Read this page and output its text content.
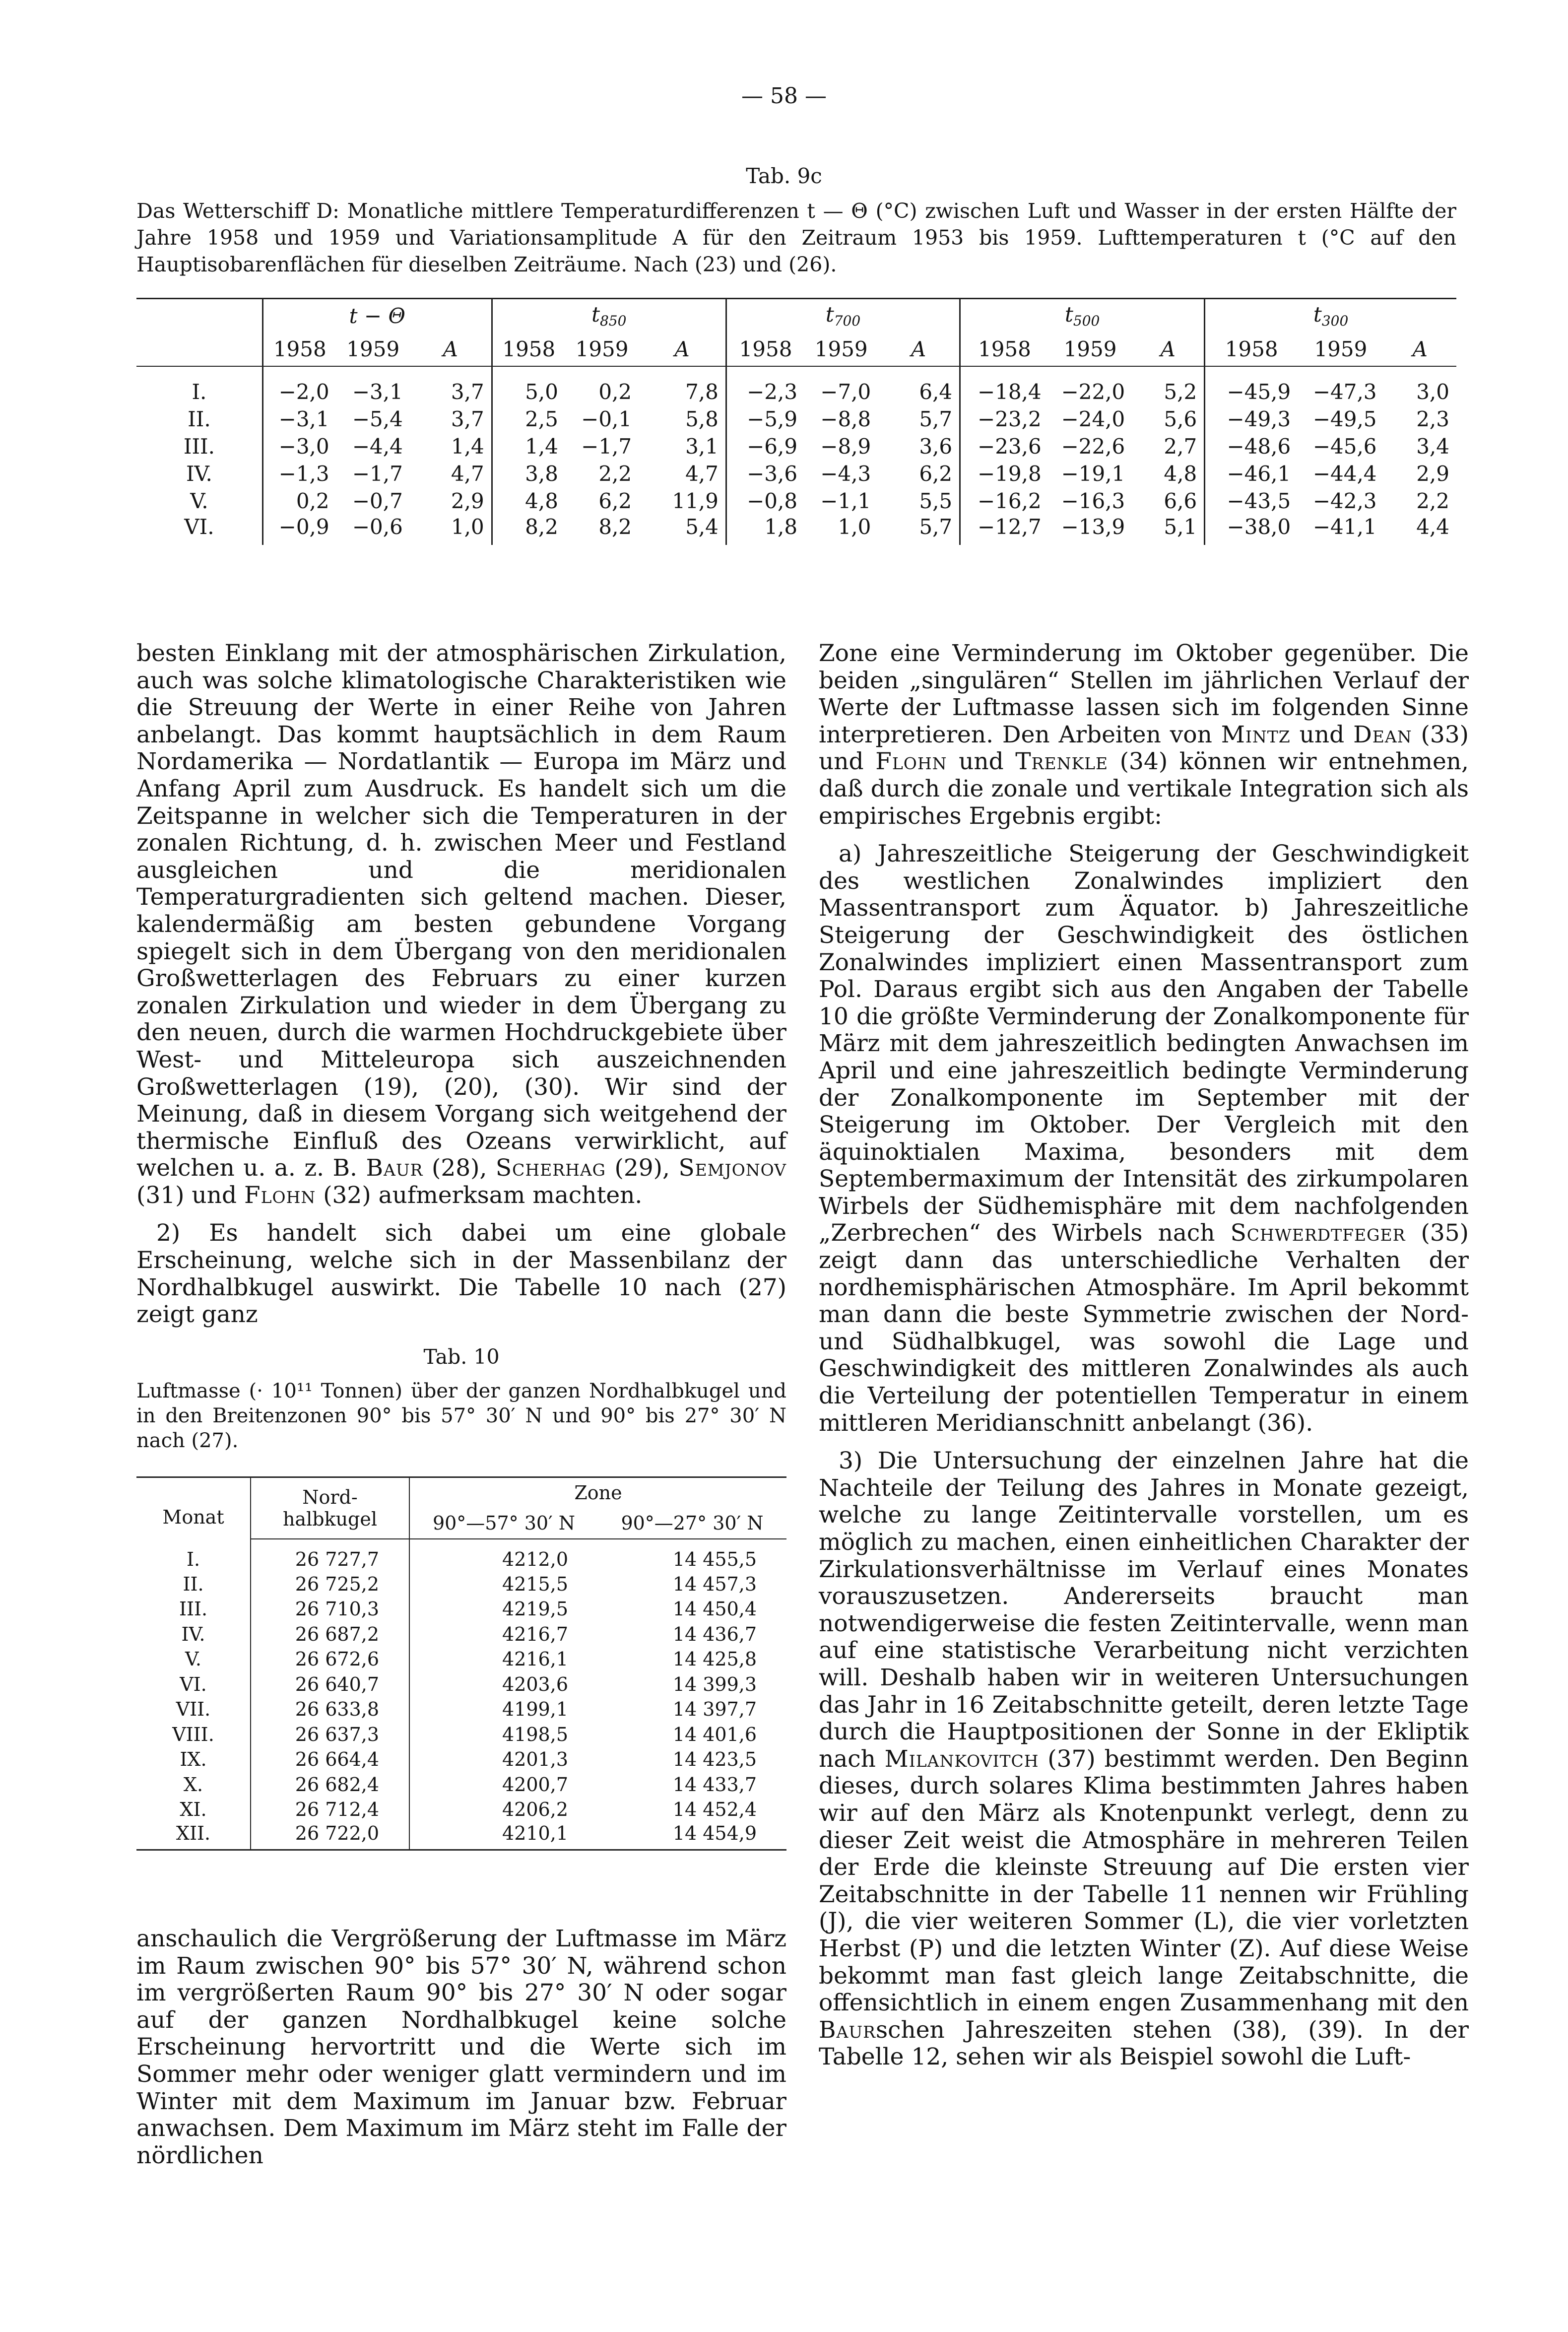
— 58 —
Tab. 9c
Das Wetterschiff D: Monatliche mittlere Temperaturdifferenzen t — Θ (°C) zwischen Luft und Wasser in der ersten Hälfte der Jahre 1958 und 1959 und Variationsamplitude A für den Zeitraum 1953 bis 1959. Lufttemperaturen t (°C auf den Hauptisobarenflächen für dieselben Zeiträume. Nach (23) und (26).
	t − Θ			$t_{850}$			$t_{700}$			$t_{500}$			$t_{300}$
	1958	1959	A	1958	1959	A	1958	1959	A	1958	1959	A	1958	1959	A
I.	−2,0	−3,1	3,7	5,0	0,2	7,8	−2,3	−7,0	6,4	−18,4	−22,0	5,2	−45,9	−47,3	3,0
II.	−3,1	−5,4	3,7	2,5	−0,1	5,8	−5,9	−8,8	5,7	−23,2	−24,0	5,6	−49,3	−49,5	2,3
III.	−3,0	−4,4	1,4	1,4	−1,7	3,1	−6,9	−8,9	3,6	−23,6	−22,6	2,7	−48,6	−45,6	3,4
IV.	−1,3	−1,7	4,7	3,8	2,2	4,7	−3,6	−4,3	6,2	−19,8	−19,1	4,8	−46,1	−44,4	2,9
V.	0,2	−0,7	2,9	4,8	6,2	11,9	−0,8	−1,1	5,5	−16,2	−16,3	6,6	−43,5	−42,3	2,2
VI.	−0,9	−0,6	1,0	8,2	8,2	5,4	1,8	1,0	5,7	−12,7	−13,9	5,1	−38,0	−41,1	4,4

besten Einklang mit der atmosphärischen Zirkulation, auch was solche klimatologische Charakteristiken wie die Streuung der Werte in einer Reihe von Jahren anbelangt. Das kommt hauptsächlich in dem Raum Nordamerika — Nordatlantik — Europa im März und Anfang April zum Ausdruck. Es handelt sich um die Zeitspanne in welcher sich die Temperaturen in der zonalen Richtung, d. h. zwischen Meer und Festland ausgleichen und die meridionalen Temperaturgradienten sich geltend machen. Dieser, kalendermäßig am besten gebundene Vorgang spiegelt sich in dem Übergang von den meridionalen Großwetterlagen des Februars zu einer kurzen zonalen Zirkulation und wieder in dem Übergang zu den neuen, durch die warmen Hochdruckgebiete über West- und Mitteleuropa sich auszeichnenden Großwetterlagen (19), (20), (30). Wir sind der Meinung, daß in diesem Vorgang sich weitgehend der thermische Einfluß des Ozeans verwirklicht, auf welchen u. a. z. B. Baur (28), Scherhag (29), Semjonov (31) und Flohn (32) aufmerksam machten.

2) Es handelt sich dabei um eine globale Erscheinung, welche sich in der Massenbilanz der Nordhalbkugel auswirkt. Die Tabelle 10 nach (27) zeigt ganz

Tab. 10
Luftmasse (· 10¹¹ Tonnen) über der ganzen Nordhalbkugel und in den Breitenzonen 90° bis 57° 30′ N und 90° bis 27° 30′ N nach (27).
Monat	Nord-	Zone	
	halbkugel	90°—57° 30′ N	90°—27° 30′ N
I.	26 727,7	4212,0	14 455,5
II.	26 725,2	4215,5	14 457,3
III.	26 710,3	4219,5	14 450,4
IV.	26 687,2	4216,7	14 436,7
V.	26 672,6	4216,1	14 425,8
VI.	26 640,7	4203,6	14 399,3
VII.	26 633,8	4199,1	14 397,7
VIII.	26 637,3	4198,5	14 401,6
IX.	26 664,4	4201,3	14 423,5
X.	26 682,4	4200,7	14 433,7
XI.	26 712,4	4206,2	14 452,4
XII.	26 722,0	4210,1	14 454,9

anschaulich die Vergrößerung der Luftmasse im März im Raum zwischen 90° bis 57° 30′ N, während schon im vergrößerten Raum 90° bis 27° 30′ N oder sogar auf der ganzen Nordhalbkugel keine solche Erscheinung hervortritt und die Werte sich im Sommer mehr oder weniger glatt vermindern und im Winter mit dem Maximum im Januar bzw. Februar anwachsen. Dem Maximum im März steht im Falle der nördlichen

Zone eine Verminderung im Oktober gegenüber. Die beiden „singulären“ Stellen im jährlichen Verlauf der Werte der Luftmasse lassen sich im folgenden Sinne interpretieren. Den Arbeiten von Mintz und Dean (33) und Flohn und Trenkle (34) können wir entnehmen, daß durch die zonale und vertikale Integration sich als empirisches Ergebnis ergibt:

a) Jahreszeitliche Steigerung der Geschwindigkeit des westlichen Zonalwindes impliziert den Massentransport zum Äquator. b) Jahreszeitliche Steigerung der Geschwindigkeit des östlichen Zonalwindes impliziert einen Massentransport zum Pol. Daraus ergibt sich aus den Angaben der Tabelle 10 die größte Verminderung der Zonalkomponente für März mit dem jahreszeitlich bedingten Anwachsen im April und eine jahreszeitlich bedingte Verminderung der Zonalkomponente im September mit der Steigerung im Oktober. Der Vergleich mit den äquinoktialen Maxima, besonders mit dem Septembermaximum der Intensität des zirkumpolaren Wirbels der Südhemisphäre mit dem nachfolgenden „Zerbrechen“ des Wirbels nach Schwerdtfeger (35) zeigt dann das unterschiedliche Verhalten der nordhemisphärischen Atmosphäre. Im April bekommt man dann die beste Symmetrie zwischen der Nord- und Südhalbkugel, was sowohl die Lage und Geschwindigkeit des mittleren Zonalwindes als auch die Verteilung der potentiellen Temperatur in einem mittleren Meridianschnitt anbelangt (36).

3) Die Untersuchung der einzelnen Jahre hat die Nachteile der Teilung des Jahres in Monate gezeigt, welche zu lange Zeitintervalle vorstellen, um es möglich zu machen, einen einheitlichen Charakter der Zirkulationsverhältnisse im Verlauf eines Monates vorauszusetzen. Andererseits braucht man notwendigerweise die festen Zeitintervalle, wenn man auf eine statistische Verarbeitung nicht verzichten will. Deshalb haben wir in weiteren Untersuchungen das Jahr in 16 Zeitabschnitte geteilt, deren letzte Tage durch die Hauptpositionen der Sonne in der Ekliptik nach Milankovitch (37) bestimmt werden. Den Beginn dieses, durch solares Klima bestimmten Jahres haben wir auf den März als Knotenpunkt verlegt, denn zu dieser Zeit weist die Atmosphäre in mehreren Teilen der Erde die kleinste Streuung auf Die ersten vier Zeitabschnitte in der Tabelle 11 nennen wir Frühling (J), die vier weiteren Sommer (L), die vier vorletzten Herbst (P) und die letzten Winter (Z). Auf diese Weise bekommt man fast gleich lange Zeitabschnitte, die offensichtlich in einem engen Zusammenhang mit den Baurschen Jahreszeiten stehen (38), (39). In der Tabelle 12, sehen wir als Beispiel sowohl die Luft-
